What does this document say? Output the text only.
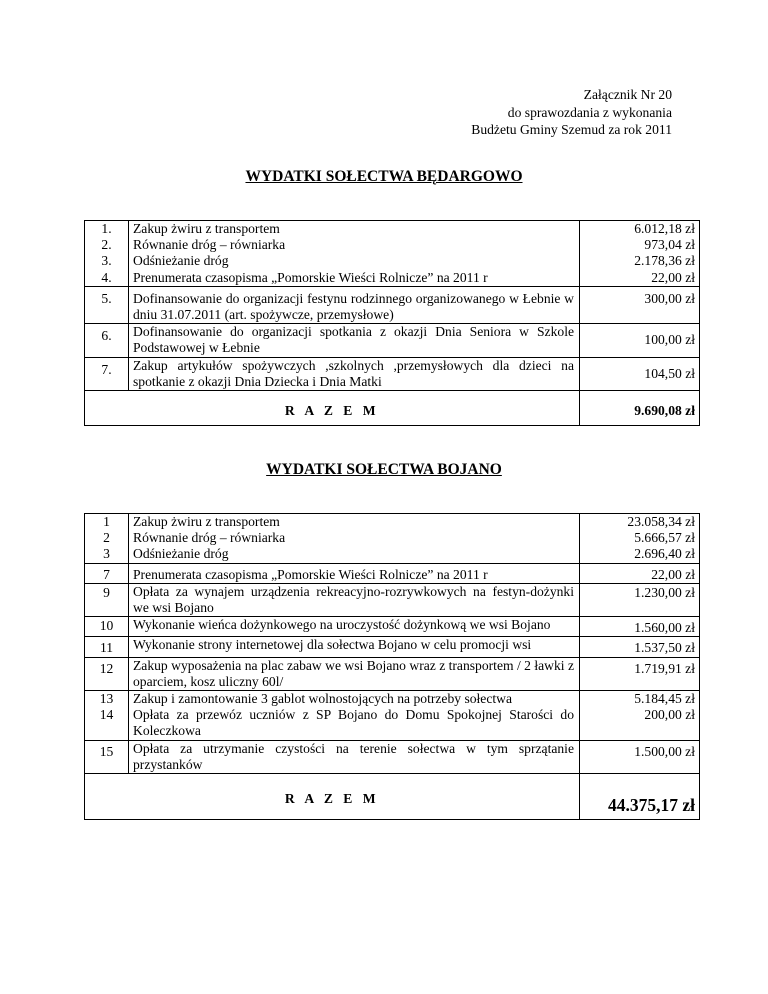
Załącznik Nr 20
do sprawozdania z wykonania
Budżetu Gminy Szemud za rok 2011
WYDATKI SOŁECTWA BĘDARGOWO
1.	Zakup żwiru z transportem	6.012,18 zł
2.	Równanie dróg – równiarka	973,04 zł
3.	Odśnieżanie dróg	2.178,36 zł
4.	Prenumerata czasopisma „Pomorskie Wieści Rolnicze” na 2011 r	22,00 zł
5.	Dofinansowanie do organizacji festynu rodzinnego organizowanego w Łebnie w dniu 31.07.2011 (art. spożywcze, przemysłowe)	300,00 zł
6.	Dofinansowanie do organizacji spotkania z okazji Dnia Seniora w Szkole Podstawowej w Łebnie	100,00 zł
7.	Zakup artykułów spożywczych ,szkolnych ,przemysłowych dla dzieci na spotkanie z okazji Dnia Dziecka i Dnia Matki	104,50 zł
R A Z E M		9.690,08 zł
WYDATKI SOŁECTWA BOJANO
1	Zakup żwiru z transportem	23.058,34 zł
2	Równanie dróg – równiarka	5.666,57 zł
3	Odśnieżanie dróg	2.696,40 zł
7	Prenumerata czasopisma „Pomorskie Wieści Rolnicze” na 2011 r	22,00 zł
9	Opłata za wynajem urządzenia rekreacyjno-rozrywkowych na festyn-dożynki we wsi Bojano	1.230,00 zł
10	Wykonanie wieńca dożynkowego na uroczystość dożynkową we wsi Bojano	1.560,00 zł
11	Wykonanie strony internetowej dla sołectwa Bojano w celu promocji wsi	1.537,50 zł
12	Zakup wyposażenia na plac zabaw we wsi Bojano wraz z transportem / 2 ławki z oparciem, kosz uliczny 60l/	1.719,91 zł
13	Zakup i zamontowanie 3 gablot wolnostojących na potrzeby sołectwa	5.184,45 zł
14	Opłata za przewóz uczniów z SP Bojano do Domu Spokojnej Starości do Koleczkowa	200,00 zł
15	Opłata za utrzymanie czystości na terenie sołectwa w tym sprzątanie przystanków	1.500,00 zł
R A Z E M		44.375,17 zł
